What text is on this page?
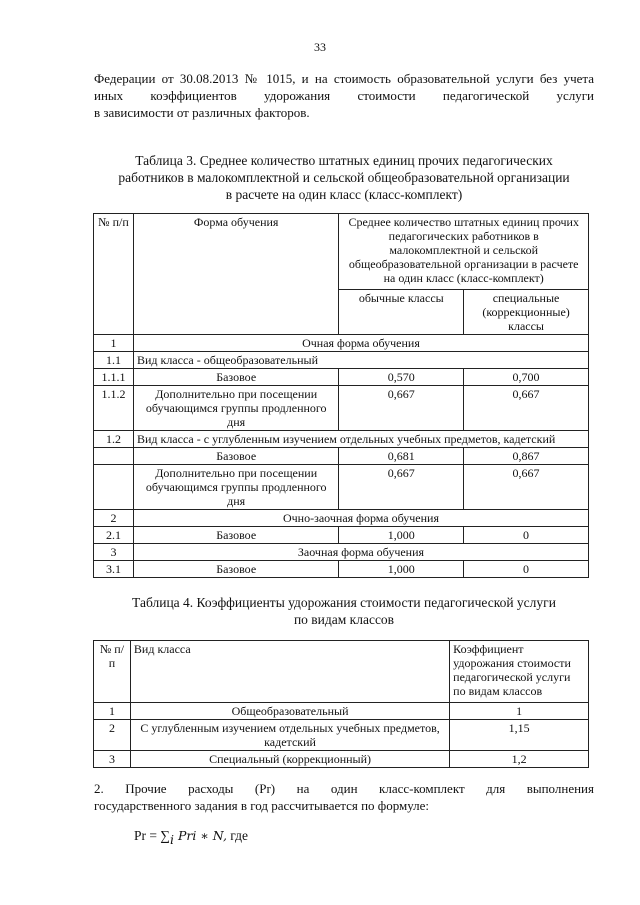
33
Федерации от 30.08.2013 № 1015, и на стоимость образовательной услуги без учета
иных коэффициентов удорожания стоимости педагогической услуги
в зависимости от различных факторов.
Таблица 3. Среднее количество штатных единиц прочих педагогических
работников в малокомплектной и сельской общеобразовательной организации
в расчете на один класс (класс-комплект)
№ п/п	Форма обучения	Среднее количество штатных единиц прочих педагогических работников в малокомплектной и сельской общеобразовательной организации в расчете на один класс (класс-комплект)	
		обычные классы	специальные (коррекционные) классы
1	Очная форма обучения		
1.1	Вид класса - общеобразовательный		
1.1.1	Базовое	0,570	0,700
1.1.2	Дополнительно при посещении обучающимся группы продленного дня	0,667	0,667
1.2	Вид класса - с углубленным изучением отдельных учебных предметов, кадетский		
	Базовое	0,681	0,867
	Дополнительно при посещении обучающимся группы продленного дня	0,667	0,667
2	Очно-заочная форма обучения		
2.1	Базовое	1,000	0
3	Заочная форма обучения		
3.1	Базовое	1,000	0
Таблица 4. Коэффициенты удорожания стоимости педагогической услуги
по видам классов
№ п/п	Вид класса	Коэффициент удорожания стоимости педагогической услуги по видам классов
1	Общеобразовательный	1
2	С углубленным изучением отдельных учебных предметов, кадетский	1,15
3	Специальный (коррекционный)	1,2
2. Прочие расходы (Pr) на один класс-комплект для выполнения
государственного задания в год рассчитывается по формуле:
$Pr = \sum_i$ Pri ∗ N, где
